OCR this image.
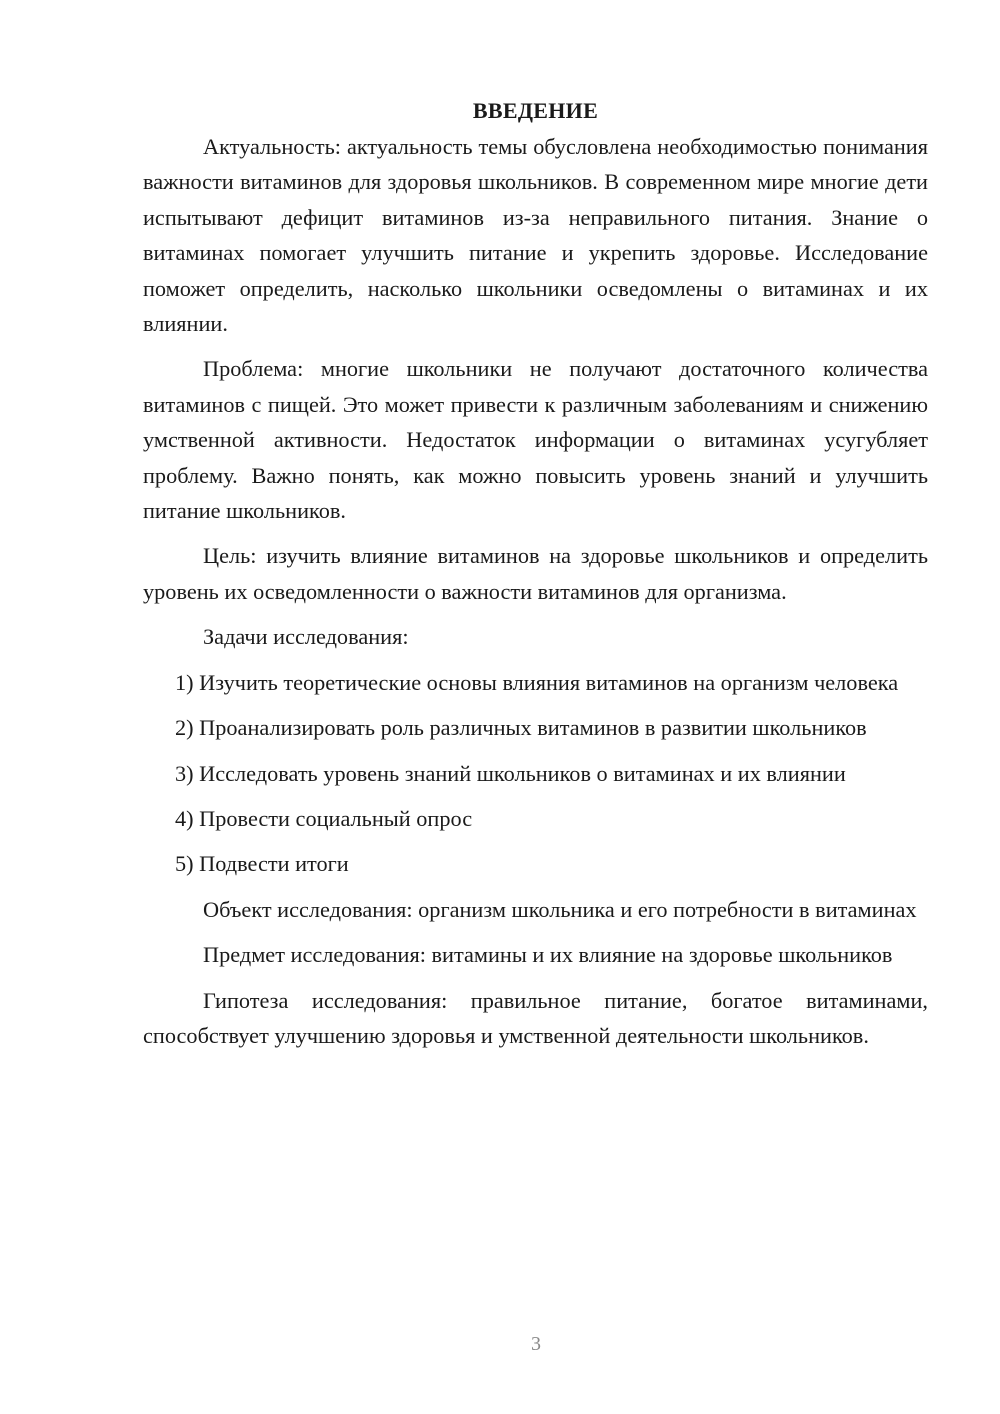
ВВЕДЕНИЕ

Актуальность: актуальность темы обусловлена необходимостью понимания важности витаминов для здоровья школьников. В современном мире многие дети испытывают дефицит витаминов из-за неправильного питания. Знание о витаминах помогает улучшить питание и укрепить здоровье. Исследование поможет определить, насколько школьники осведомлены о витаминах и их влиянии.

Проблема: многие школьники не получают достаточного количества витаминов с пищей. Это может привести к различным заболеваниям и снижению умственной активности. Недостаток информации о витаминах усугубляет проблему. Важно понять, как можно повысить уровень знаний и улучшить питание школьников.

Цель: изучить влияние витаминов на здоровье школьников и определить уровень их осведомленности о важности витаминов для организма.

Задачи исследования:

1) Изучить теоретические основы влияния витаминов на организм человека

2) Проанализировать роль различных витаминов в развитии школьников

3) Исследовать уровень знаний школьников о витаминах и их влиянии

4) Провести социальный опрос

5) Подвести итоги

Объект исследования: организм школьника и его потребности в витаминах

Предмет исследования: витамины и их влияние на здоровье школьников

Гипотеза исследования: правильное питание, богатое витаминами, способствует улучшению здоровья и умственной деятельности школьников.

3
